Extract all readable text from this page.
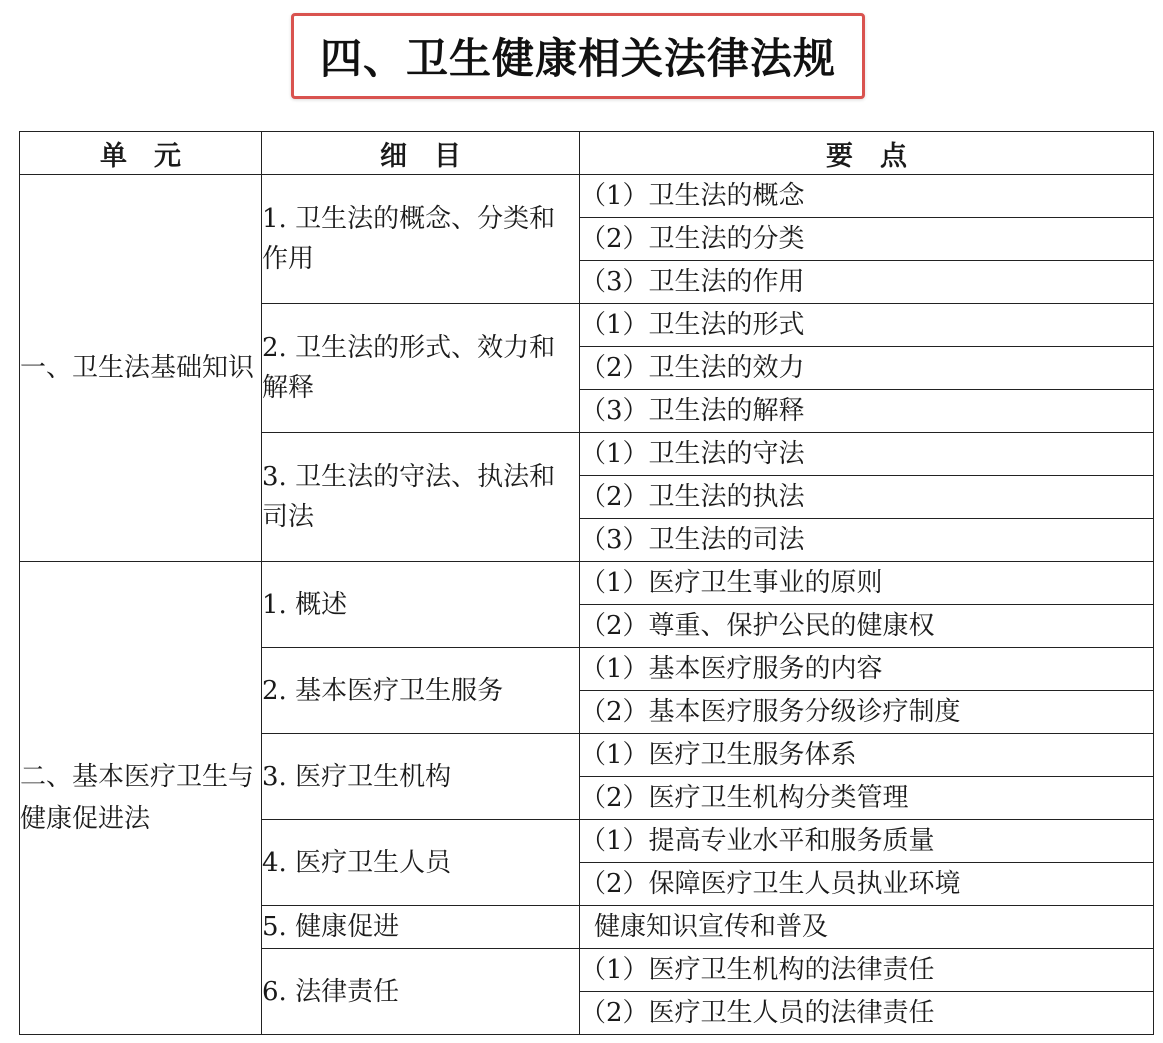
四、卫生健康相关法律法规
单　元	细　目	要　点
一、卫生法基础知识	1. 卫生法的概念、分类和作用	（1）卫生法的概念
		（2）卫生法的分类
		（3）卫生法的作用
	2. 卫生法的形式、效力和解释	（1）卫生法的形式
		（2）卫生法的效力
		（3）卫生法的解释
	3. 卫生法的守法、执法和司法	（1）卫生法的守法
		（2）卫生法的执法
		（3）卫生法的司法
二、基本医疗卫生与健康促进法	1. 概述	（1）医疗卫生事业的原则
		（2）尊重、保护公民的健康权
	2. 基本医疗卫生服务	（1）基本医疗服务的内容
		（2）基本医疗服务分级诊疗制度
	3. 医疗卫生机构	（1）医疗卫生服务体系
		（2）医疗卫生机构分类管理
	4. 医疗卫生人员	（1）提高专业水平和服务质量
		（2）保障医疗卫生人员执业环境
	5. 健康促进	健康知识宣传和普及
	6. 法律责任	（1）医疗卫生机构的法律责任
		（2）医疗卫生人员的法律责任
